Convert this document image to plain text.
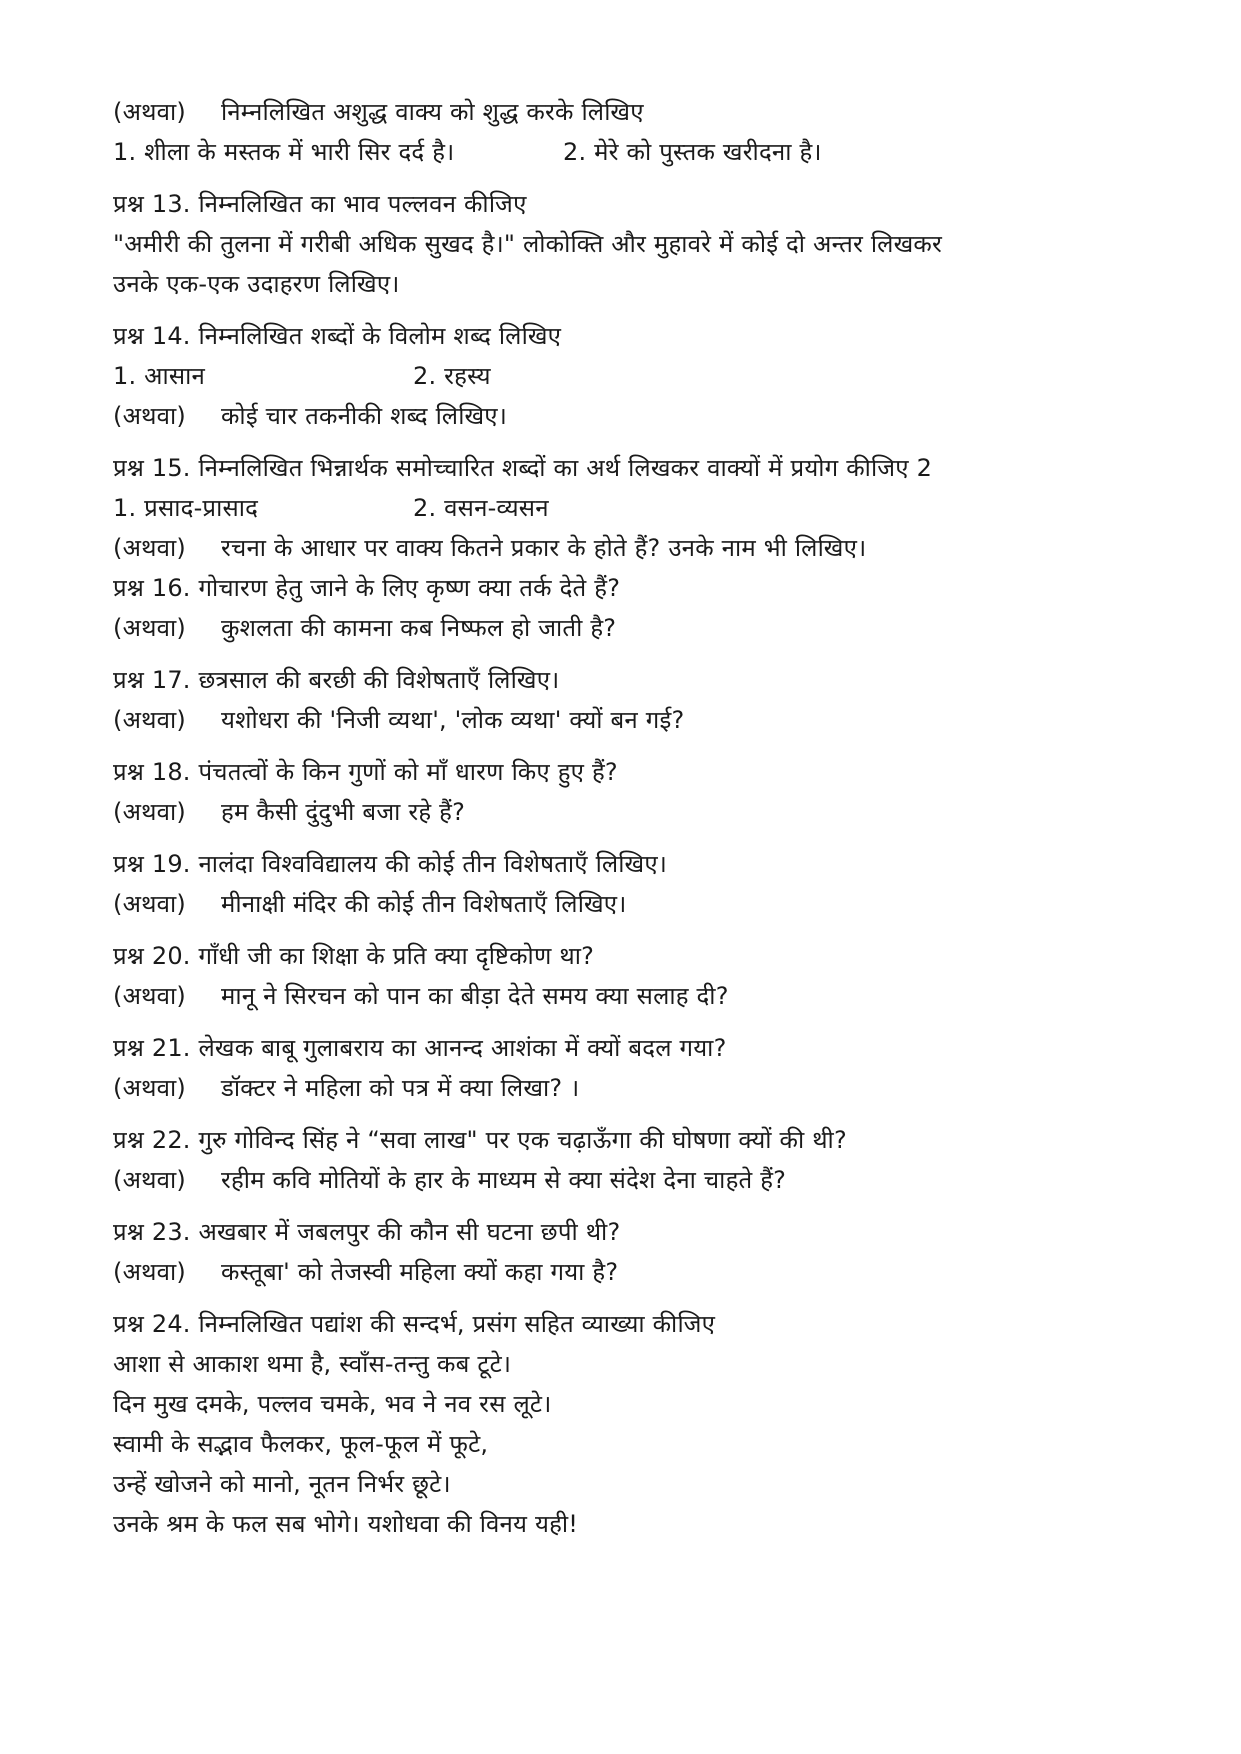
(अथवा) निम्नलिखित अशुद्ध वाक्य को शुद्ध करके लिखिए
1. शीला के मस्तक में भारी सिर दर्द है।	2. मेरे को पुस्तक खरीदना है।
प्रश्न 13. निम्नलिखित का भाव पल्लवन कीजिए
"अमीरी की तुलना में गरीबी अधिक सुखद है।" लोकोक्ति और मुहावरे में कोई दो अन्तर लिखकर
उनके एक-एक उदाहरण लिखिए।
प्रश्न 14. निम्नलिखित शब्दों के विलोम शब्द लिखिए
1. आसान	2. रहस्य
(अथवा) कोई चार तकनीकी शब्द लिखिए।
प्रश्न 15. निम्नलिखित भिन्नार्थक समोच्चारित शब्दों का अर्थ लिखकर वाक्यों में प्रयोग कीजिए 2
1. प्रसाद-प्रासाद	2. वसन-व्यसन
(अथवा) रचना के आधार पर वाक्य कितने प्रकार के होते हैं? उनके नाम भी लिखिए।
प्रश्न 16. गोचारण हेतु जाने के लिए कृष्ण क्या तर्क देते हैं?
(अथवा) कुशलता की कामना कब निष्फल हो जाती है?
प्रश्न 17. छत्रसाल की बरछी की विशेषताएँ लिखिए।
(अथवा) यशोधरा की 'निजी व्यथा', 'लोक व्यथा' क्यों बन गई?
प्रश्न 18. पंचतत्वों के किन गुणों को माँ धारण किए हुए हैं?
(अथवा) हम कैसी दुंदुभी बजा रहे हैं?
प्रश्न 19. नालंदा विश्वविद्यालय की कोई तीन विशेषताएँ लिखिए।
(अथवा) मीनाक्षी मंदिर की कोई तीन विशेषताएँ लिखिए।
प्रश्न 20. गाँधी जी का शिक्षा के प्रति क्या दृष्टिकोण था?
(अथवा) मानू ने सिरचन को पान का बीड़ा देते समय क्या सलाह दी?
प्रश्न 21. लेखक बाबू गुलाबराय का आनन्द आशंका में क्यों बदल गया?
(अथवा) डॉक्टर ने महिला को पत्र में क्या लिखा? ।
प्रश्न 22. गुरु गोविन्द सिंह ने “सवा लाख" पर एक चढ़ाऊँगा की घोषणा क्यों की थी?
(अथवा) रहीम कवि मोतियों के हार के माध्यम से क्या संदेश देना चाहते हैं?
प्रश्न 23. अखबार में जबलपुर की कौन सी घटना छपी थी?
(अथवा) कस्तूबा' को तेजस्वी महिला क्यों कहा गया है?
प्रश्न 24. निम्नलिखित पद्यांश की सन्दर्भ, प्रसंग सहित व्याख्या कीजिए
आशा से आकाश थमा है, स्वाँस-तन्तु कब टूटे।
दिन मुख दमके, पल्लव चमके, भव ने नव रस लूटे।
स्वामी के सद्भाव फैलकर, फूल-फूल में फूटे,
उन्हें खोजने को मानो, नूतन निर्भर छूटे।
उनके श्रम के फल सब भोगे। यशोधवा की विनय यही!
